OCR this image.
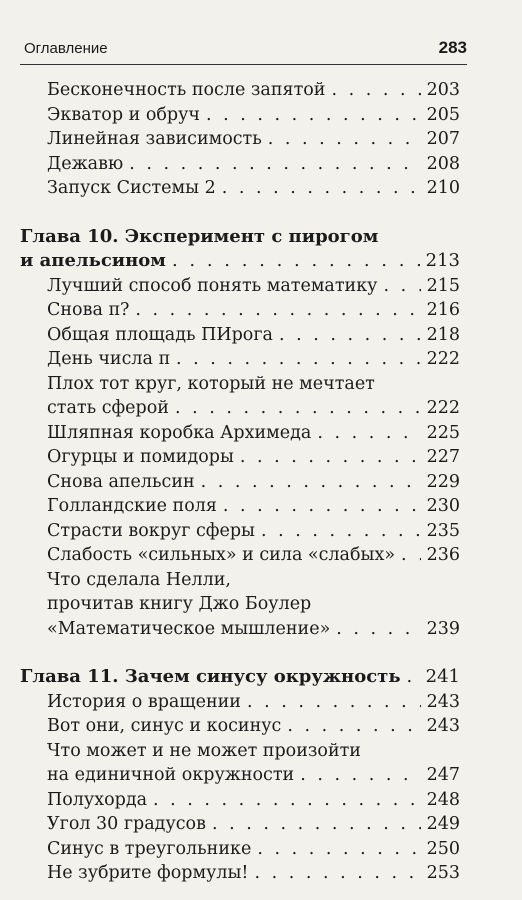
Оглавление	283
Бесконечность после запятой . . .	203
Экватор и обруч . . .	205
Линейная зависимость . . .	207
Дежавю . . .	208
Запуск Системы 2 . . .	210
Глава 10. Эксперимент с пирогом
и апельсином . . .	213
Лучший способ понять математику . . .	215
Снова π? . . .	216
Общая площадь ПИрога . . .	218
День числа π . . .	222
Плох тот круг, который не мечтает
стать сферой . . .	222
Шляпная коробка Архимеда . . .	225
Огурцы и помидоры . . .	227
Снова апельсин . . .	229
Голландские поля . . .	230
Страсти вокруг сферы . . .	235
Слабость «сильных» и сила «слабых» . . . 236
Что сделала Нелли,
прочитав книгу Джо Боулер
«Математическое мышление» . . .	239
Глава 11. Зачем синусу окружность . . . 241
История о вращении . . .	243
Вот они, синус и косинус . . .	243
Что может и не может произойти
на единичной окружности . . .	247
Полухорда . . .	248
Угол 30 градусов . . .	249
Синус в треугольнике . . .	250
Не зубрите формулы! . . .	253
